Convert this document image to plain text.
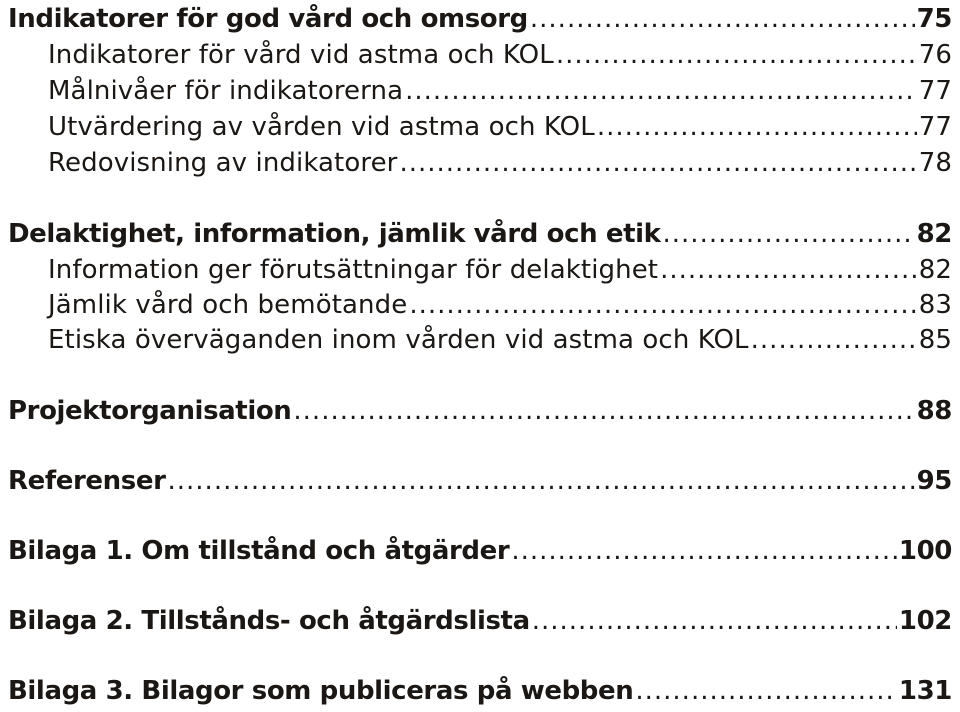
Indikatorer för god vård och omsorg .....	75
Indikatorer för vård vid astma och KOL .....	76
Målnivåer för indikatorerna .....	77
Utvärdering av vården vid astma och KOL .....	77
Redovisning av indikatorer .....	78
Delaktighet, information, jämlik vård och etik .....	82
Information ger förutsättningar för delaktighet .....	82
Jämlik vård och bemötande .....	83
Etiska överväganden inom vården vid astma och KOL .....	85
Projektorganisation .....	88
Referenser .....	95
Bilaga 1. Om tillstånd och åtgärder .....	100
Bilaga 2. Tillstånds- och åtgärdslista .....	102
Bilaga 3. Bilagor som publiceras på webben .....	131
